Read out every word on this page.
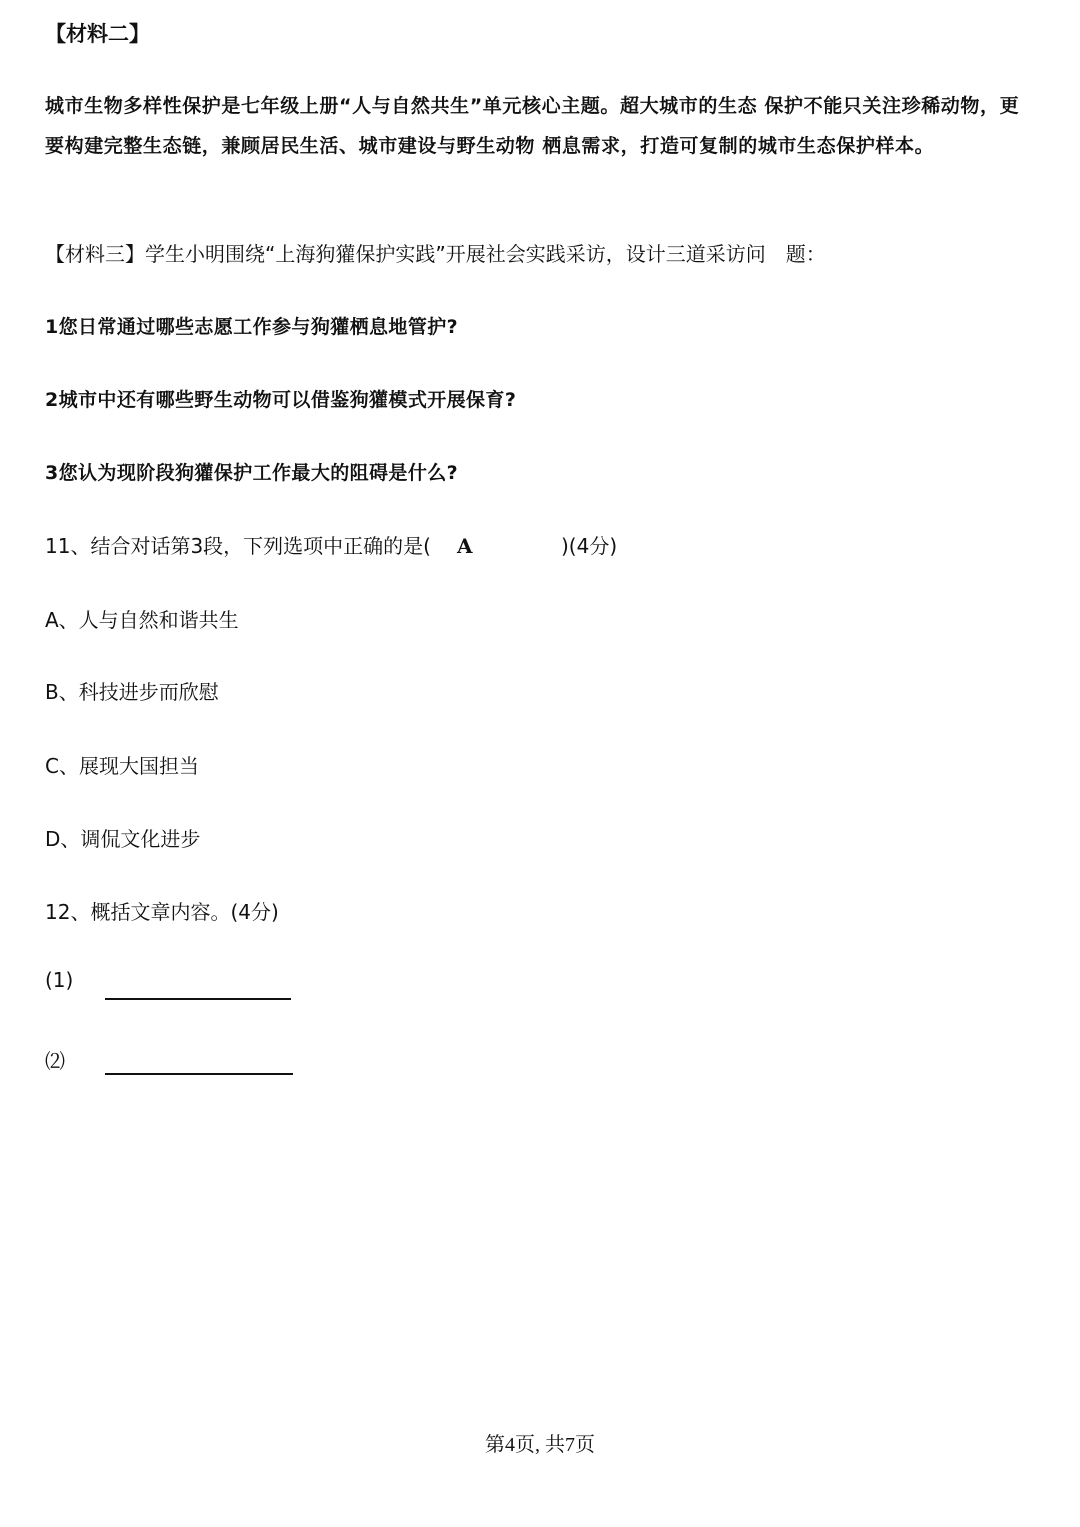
【材料二】

城市生物多样性保护是七年级上册“人与自然共生”单元核心主题。超大城市的生态 保护不能只关注珍稀动物，更要构建完整生态链，兼顾居民生活、城市建设与野生动物 栖息需求，打造可复制的城市生态保护样本。

【材料三】学生小明围绕“上海狗獾保护实践”开展社会实践采访，设计三道采访问　题：

1您日常通过哪些志愿工作参与狗獾栖息地管护?

2城市中还有哪些野生动物可以借鉴狗獾模式开展保育?

3您认为现阶段狗獾保护工作最大的阻碍是什么?

11、结合对话第3段，下列选项中正确的是( A	)(4分)

A、人与自然和谐共生

B、科技进步而欣慰

C、展现大国担当

D、调侃文化进步

12、概括文章内容。(4分)

(1)

⑵

第4页, 共7页
